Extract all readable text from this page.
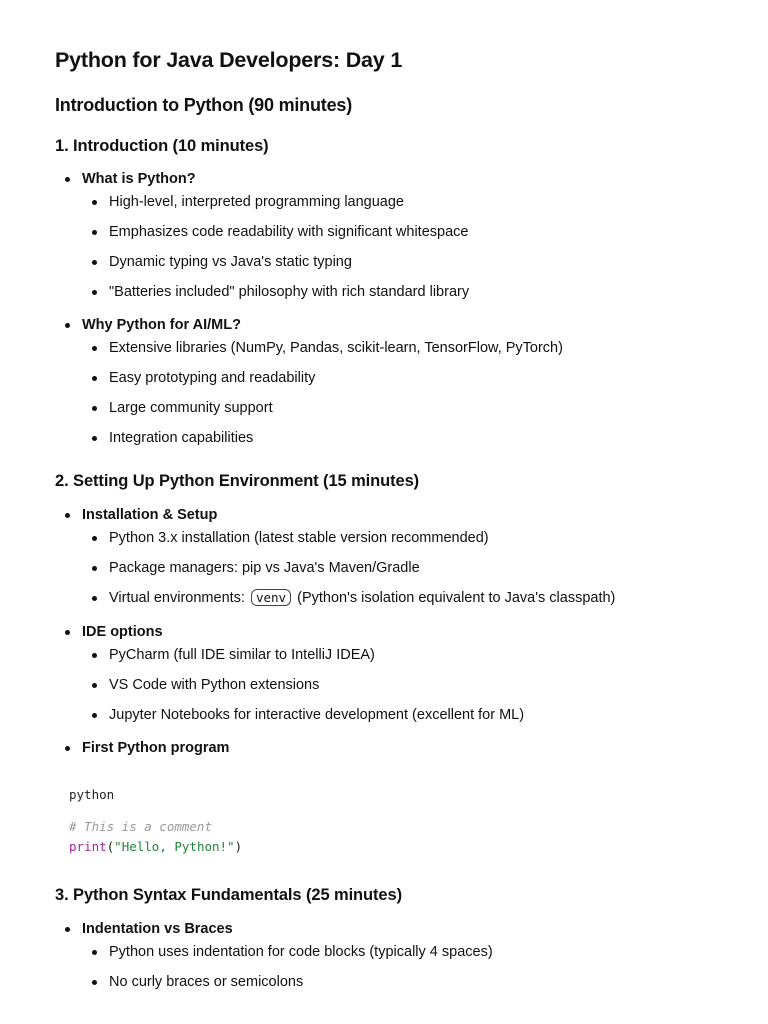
Python for Java Developers: Day 1
Introduction to Python (90 minutes)
1. Introduction (10 minutes)
What is Python?
High-level, interpreted programming language
Emphasizes code readability with significant whitespace
Dynamic typing vs Java's static typing
"Batteries included" philosophy with rich standard library
Why Python for AI/ML?
Extensive libraries (NumPy, Pandas, scikit-learn, TensorFlow, PyTorch)
Easy prototyping and readability
Large community support
Integration capabilities
2. Setting Up Python Environment (15 minutes)
Installation & Setup
Python 3.x installation (latest stable version recommended)
Package managers: pip vs Java's Maven/Gradle
Virtual environments: venv (Python's isolation equivalent to Java's classpath)
IDE options
PyCharm (full IDE similar to IntelliJ IDEA)
VS Code with Python extensions
Jupyter Notebooks for interactive development (excellent for ML)
First Python program
python
# This is a comment
print("Hello, Python!")
3. Python Syntax Fundamentals (25 minutes)
Indentation vs Braces
Python uses indentation for code blocks (typically 4 spaces)
No curly braces or semicolons
